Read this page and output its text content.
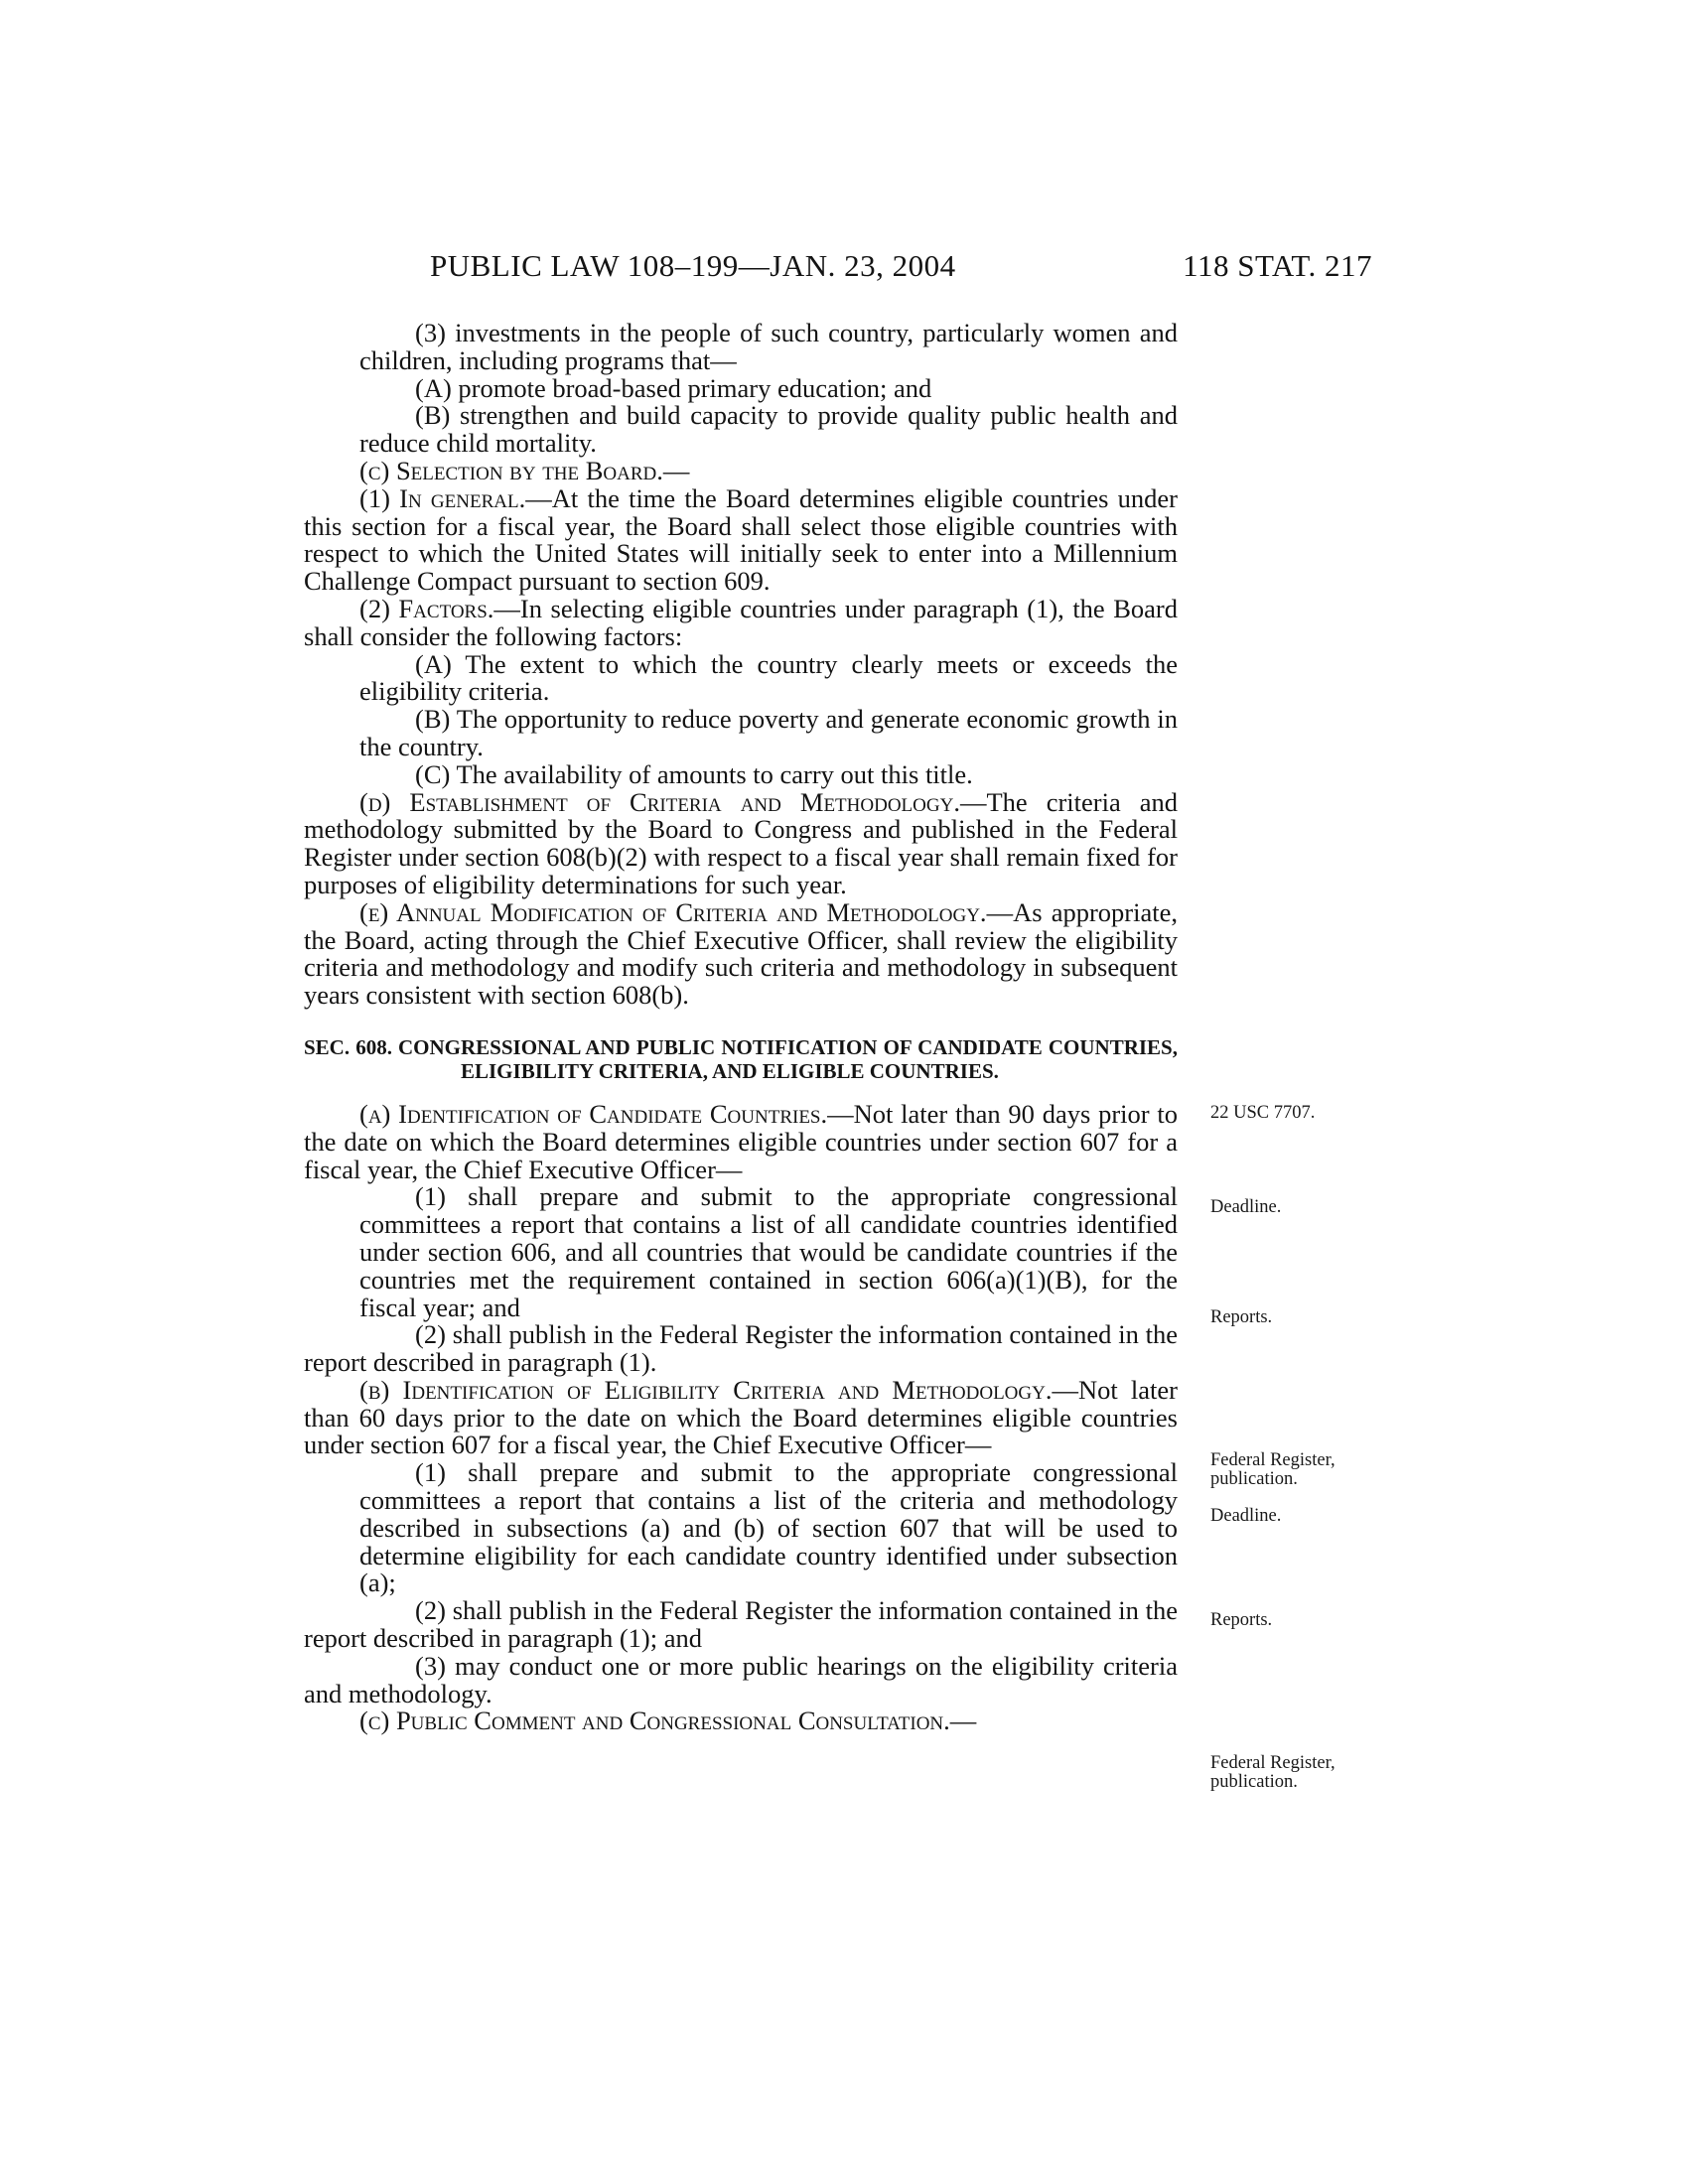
PUBLIC LAW 108–199—JAN. 23, 2004	118 STAT. 217

(3) investments in the people of such country, particularly women and children, including programs that—

(A) promote broad-based primary education; and

(B) strengthen and build capacity to provide quality public health and reduce child mortality.

(c) Selection by the Board.—

(1) In general.—At the time the Board determines eligible countries under this section for a fiscal year, the Board shall select those eligible countries with respect to which the United States will initially seek to enter into a Millennium Challenge Compact pursuant to section 609.

(2) Factors.—In selecting eligible countries under paragraph (1), the Board shall consider the following factors:

(A) The extent to which the country clearly meets or exceeds the eligibility criteria.

(B) The opportunity to reduce poverty and generate economic growth in the country.

(C) The availability of amounts to carry out this title.

(d) Establishment of Criteria and Methodology.—The criteria and methodology submitted by the Board to Congress and published in the Federal Register under section 608(b)(2) with respect to a fiscal year shall remain fixed for purposes of eligibility determinations for such year.

(e) Annual Modification of Criteria and Methodology.—As appropriate, the Board, acting through the Chief Executive Officer, shall review the eligibility criteria and methodology and modify such criteria and methodology in subsequent years consistent with section 608(b).

SEC. 608. CONGRESSIONAL AND PUBLIC NOTIFICATION OF CANDIDATE COUNTRIES, ELIGIBILITY CRITERIA, AND ELIGIBLE COUNTRIES.

(a) Identification of Candidate Countries.—Not later than 90 days prior to the date on which the Board determines eligible countries under section 607 for a fiscal year, the Chief Executive Officer—

(1) shall prepare and submit to the appropriate congressional committees a report that contains a list of all candidate countries identified under section 606, and all countries that would be candidate countries if the countries met the requirement contained in section 606(a)(1)(B), for the fiscal year; and

(2) shall publish in the Federal Register the information contained in the report described in paragraph (1).

(b) Identification of Eligibility Criteria and Methodology.—Not later than 60 days prior to the date on which the Board determines eligible countries under section 607 for a fiscal year, the Chief Executive Officer—

(1) shall prepare and submit to the appropriate congressional committees a report that contains a list of the criteria and methodology described in subsections (a) and (b) of section 607 that will be used to determine eligibility for each candidate country identified under subsection (a);

(2) shall publish in the Federal Register the information contained in the report described in paragraph (1); and

(3) may conduct one or more public hearings on the eligibility criteria and methodology.

(c) Public Comment and Congressional Consultation.—

22 USC 7707.
Deadline.
Reports.
Federal Register,
publication.
Deadline.
Reports.
Federal Register,
publication.
